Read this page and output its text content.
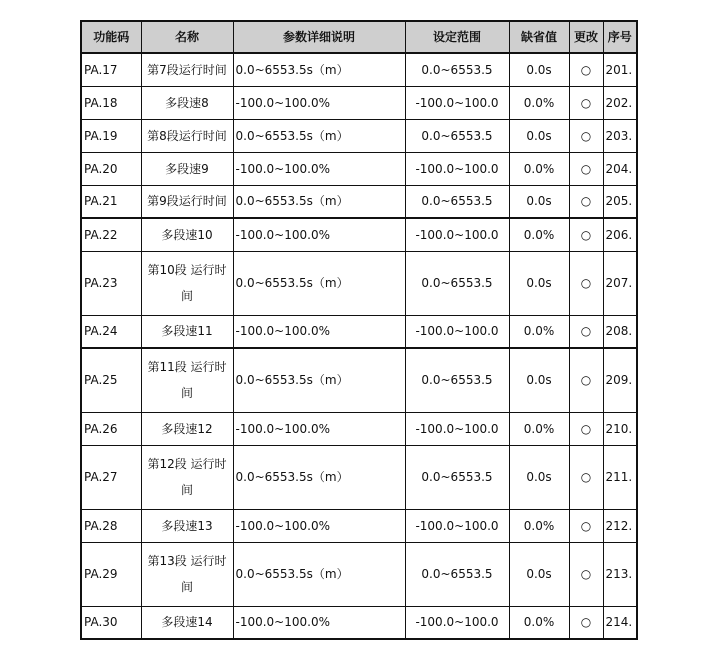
功能码	名称	参数详细说明	设定范围	缺省值	更改	序号
PA.17	第7段运行时间	0.0~6553.5s（m）	0.0~6553.5	0.0s	○	201.
PA.18	多段速8	-100.0~100.0%	-100.0~100.0	0.0%	○	202.
PA.19	第8段运行时间	0.0~6553.5s（m）	0.0~6553.5	0.0s	○	203.
PA.20	多段速9	-100.0~100.0%	-100.0~100.0	0.0%	○	204.
PA.21	第9段运行时间	0.0~6553.5s（m）	0.0~6553.5	0.0s	○	205.
PA.22	多段速10	-100.0~100.0%	-100.0~100.0	0.0%	○	206.
PA.23	第10段 运行时间	0.0~6553.5s（m）	0.0~6553.5	0.0s	○	207.
PA.24	多段速11	-100.0~100.0%	-100.0~100.0	0.0%	○	208.
PA.25	第11段 运行时间	0.0~6553.5s（m）	0.0~6553.5	0.0s	○	209.
PA.26	多段速12	-100.0~100.0%	-100.0~100.0	0.0%	○	210.
PA.27	第12段 运行时间	0.0~6553.5s（m）	0.0~6553.5	0.0s	○	211.
PA.28	多段速13	-100.0~100.0%	-100.0~100.0	0.0%	○	212.
PA.29	第13段 运行时间	0.0~6553.5s（m）	0.0~6553.5	0.0s	○	213.
PA.30	多段速14	-100.0~100.0%	-100.0~100.0	0.0%	○	214.
